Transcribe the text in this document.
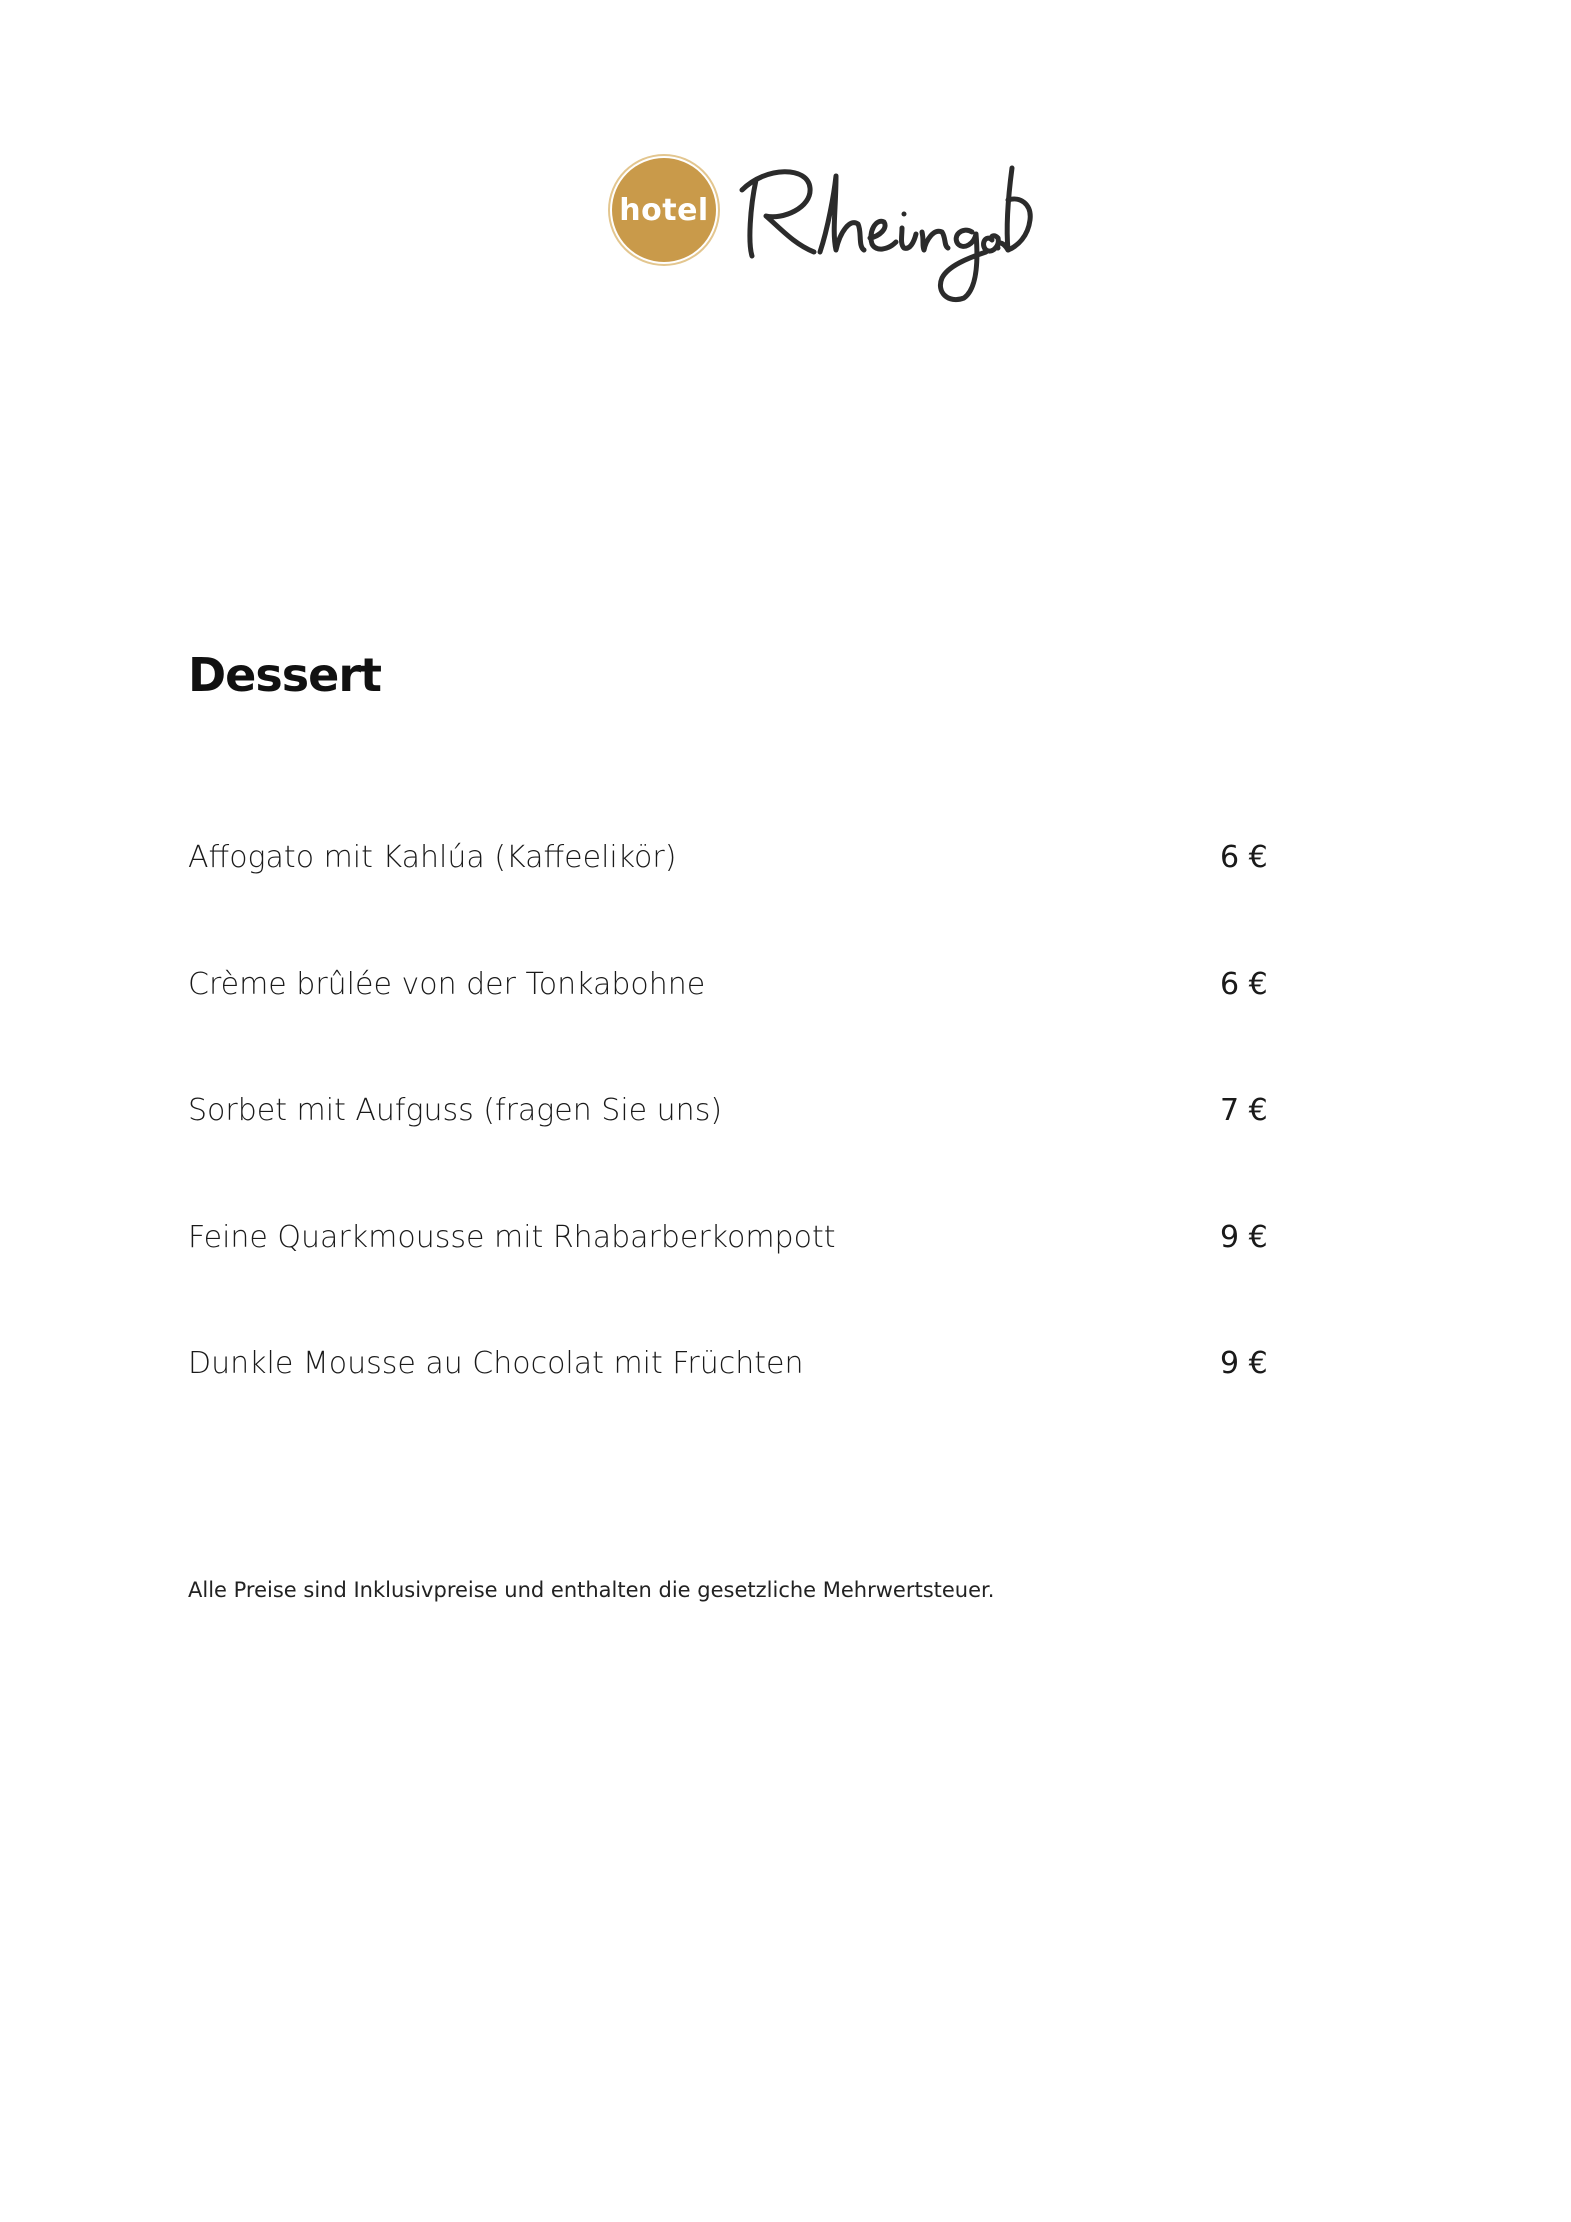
hotel
Dessert
Affogato mit Kahlúa (Kaffeelikör)	6 €
Crème brûlée von der Tonkabohne	6 €
Sorbet mit Aufguss (fragen Sie uns)	7 €
Feine Quarkmousse mit Rhabarberkompott	9 €
Dunkle Mousse au Chocolat mit Früchten	9 €

Alle Preise sind Inklusivpreise und enthalten die gesetzliche Mehrwertsteuer.
